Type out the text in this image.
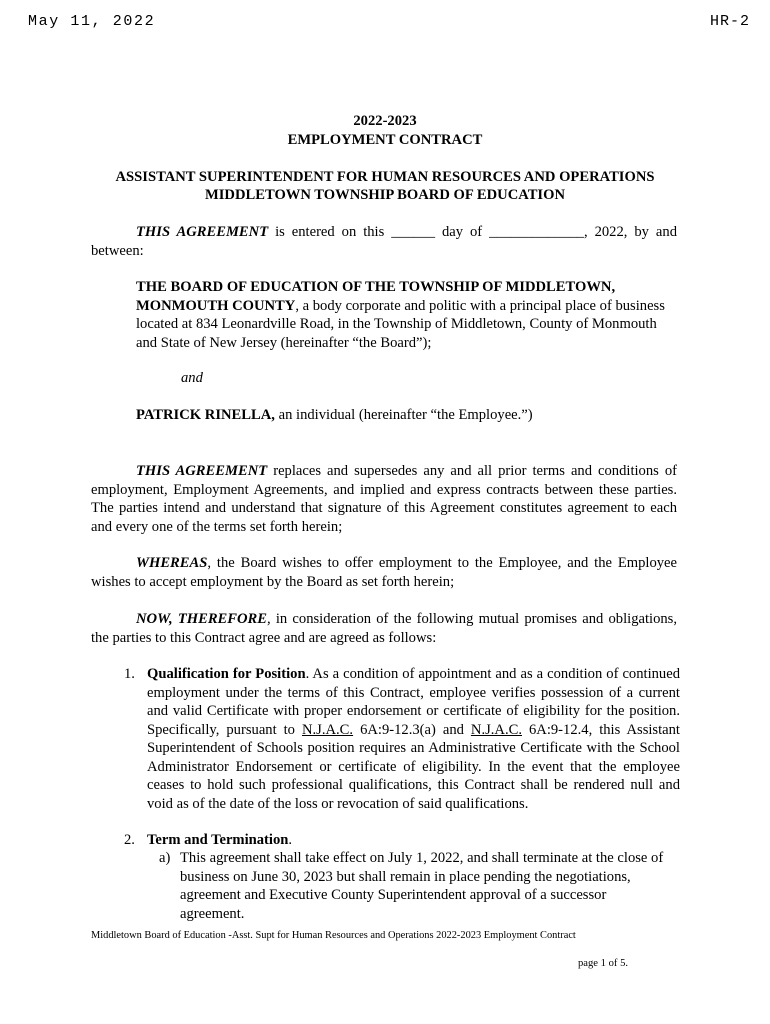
May 11, 2022	HR-2
2022-2023
EMPLOYMENT CONTRACT
ASSISTANT SUPERINTENDENT FOR HUMAN RESOURCES AND OPERATIONS
MIDDLETOWN TOWNSHIP BOARD OF EDUCATION

THIS AGREEMENT is entered on this ______ day of _____________, 2022, by and between:

THE BOARD OF EDUCATION OF THE TOWNSHIP OF MIDDLETOWN, MONMOUTH COUNTY, a body corporate and politic with a principal place of business located at 834 Leonardville Road, in the Township of Middletown, County of Monmouth and State of New Jersey (hereinafter “the Board”);
and
PATRICK RINELLA, an individual (hereinafter “the Employee.”)

THIS AGREEMENT replaces and supersedes any and all prior terms and conditions of employment, Employment Agreements, and implied and express contracts between these parties. The parties intend and understand that signature of this Agreement constitutes agreement to each and every one of the terms set forth herein;

WHEREAS, the Board wishes to offer employment to the Employee, and the Employee wishes to accept employment by the Board as set forth herein;

NOW, THEREFORE, in consideration of the following mutual promises and obligations, the parties to this Contract agree and are agreed as follows:

1. Qualification for Position. As a condition of appointment and as a condition of continued employment under the terms of this Contract, employee verifies possession of a current and valid Certificate with proper endorsement or certificate of eligibility for the position. Specifically, pursuant to N.J.A.C. 6A:9-12.3(a) and N.J.A.C. 6A:9-12.4, this Assistant Superintendent of Schools position requires an Administrative Certificate with the School Administrator Endorsement or certificate of eligibility. In the event that the employee ceases to hold such professional qualifications, this Contract shall be rendered null and void as of the date of the loss or revocation of said qualifications.
2. Term and Termination.
a) This agreement shall take effect on July 1, 2022, and shall terminate at the close of business on June 30, 2023 but shall remain in place pending the negotiations, agreement and Executive County Superintendent approval of a successor agreement.
Middletown Board of Education -Asst. Supt for Human Resources and Operations 2022-2023 Employment Contract
page 1 of 5.
